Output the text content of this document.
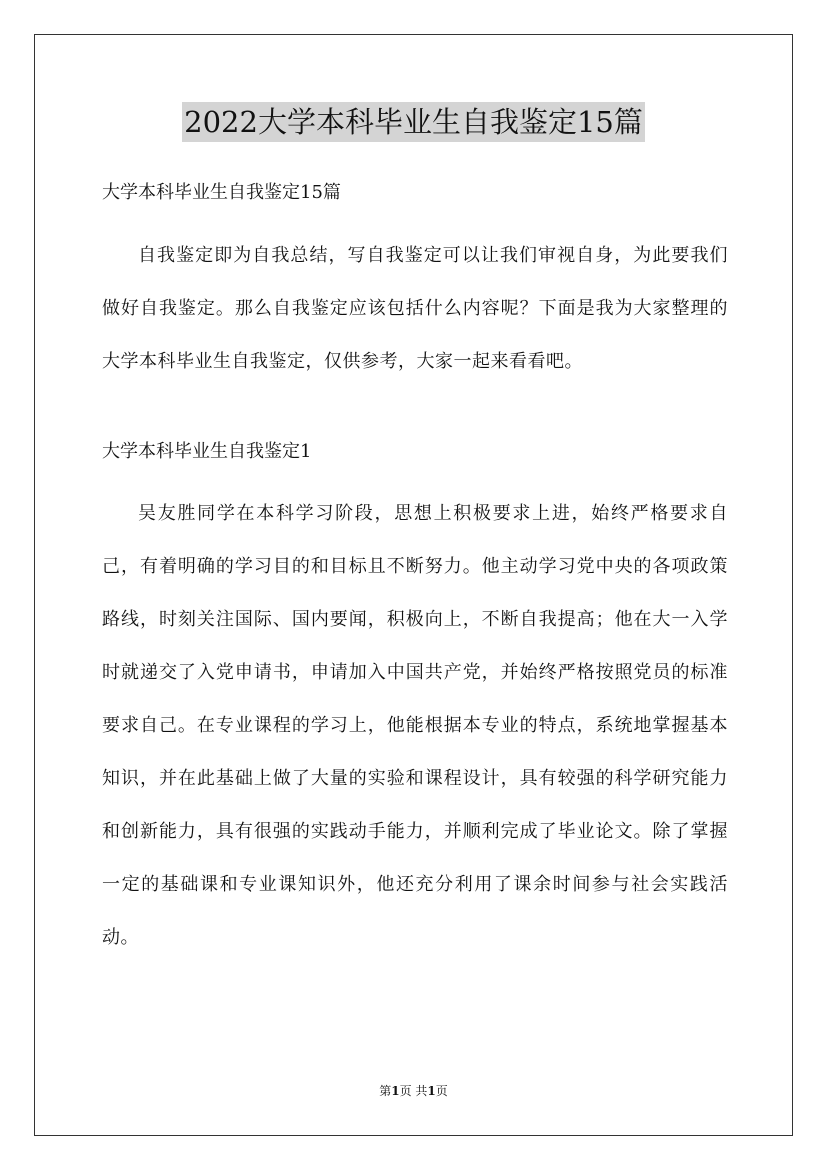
2022大学本科毕业生自我鉴定15篇

大学本科毕业生自我鉴定15篇

自我鉴定即为自我总结，写自我鉴定可以让我们审视自身，为此要我们做好自我鉴定。那么自我鉴定应该包括什么内容呢？下面是我为大家整理的大学本科毕业生自我鉴定，仅供参考，大家一起来看看吧。

大学本科毕业生自我鉴定1

吴友胜同学在本科学习阶段，思想上积极要求上进，始终严格要求自己，有着明确的学习目的和目标且不断努力。他主动学习党中央的各项政策路线，时刻关注国际、国内要闻，积极向上，不断自我提高；他在大一入学时就递交了入党申请书，申请加入中国共产党，并始终严格按照党员的标准要求自己。在专业课程的学习上，他能根据本专业的特点，系统地掌握基本知识，并在此基础上做了大量的实验和课程设计，具有较强的科学研究能力和创新能力，具有很强的实践动手能力，并顺利完成了毕业论文。除了掌握一定的基础课和专业课知识外，他还充分利用了课余时间参与社会实践活动。

第1页 共1页
